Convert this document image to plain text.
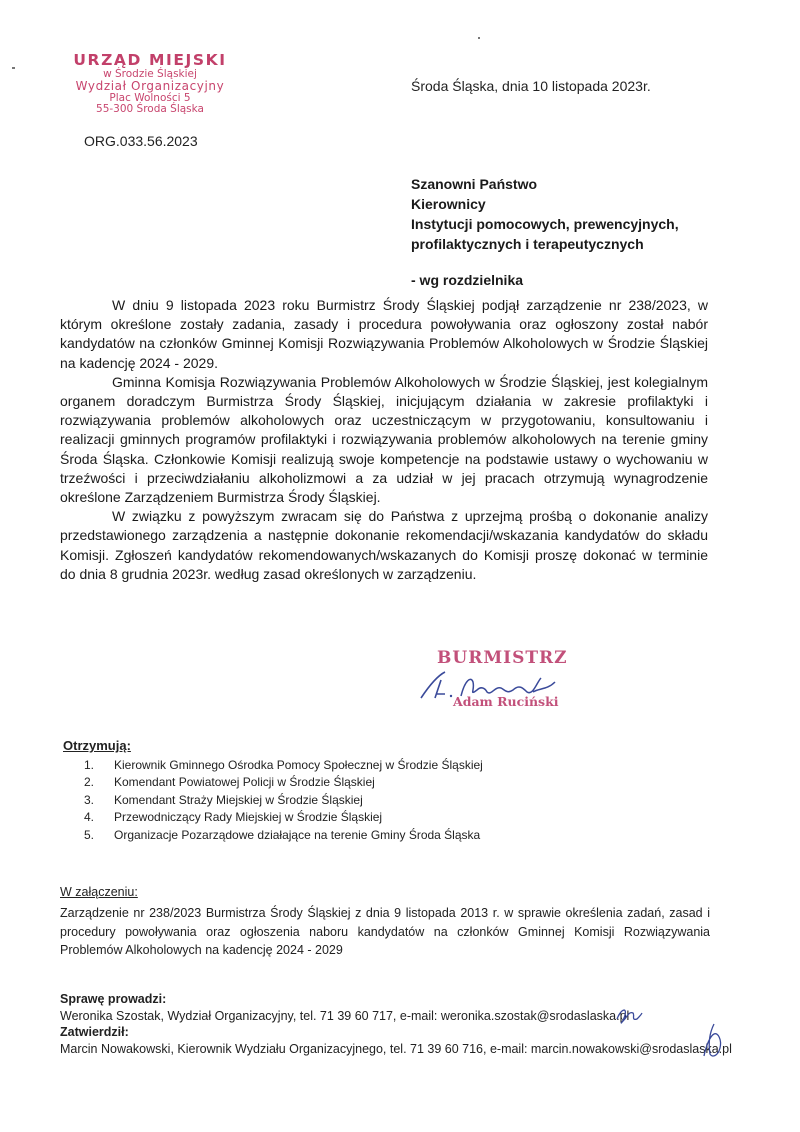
URZĄD MIEJSKI
w Środzie Śląskiej
Wydział Organizacyjny
Plac Wolności 5
55-300 Środa Śląska
ORG.033.56.2023
Środa Śląska, dnia 10 listopada 2023r.
Szanowni Państwo
Kierownicy
Instytucji pomocowych, prewencyjnych,
profilaktycznych i terapeutycznych
- wg rozdzielnika

W dniu 9 listopada 2023 roku Burmistrz Środy Śląskiej podjął zarządzenie nr 238/2023, w którym określone zostały zadania, zasady i procedura powoływania oraz ogłoszony został nabór kandydatów na członków Gminnej Komisji Rozwiązywania Problemów Alkoholowych w Środzie Śląskiej na kadencję 2024 - 2029.

Gminna Komisja Rozwiązywania Problemów Alkoholowych w Środzie Śląskiej, jest kolegialnym organem doradczym Burmistrza Środy Śląskiej, inicjującym działania w zakresie profilaktyki i rozwiązywania problemów alkoholowych oraz uczestniczącym w przygotowaniu, konsultowaniu i realizacji gminnych programów profilaktyki i rozwiązywania problemów alkoholowych na terenie gminy Środa Śląska. Członkowie Komisji realizują swoje kompetencje na podstawie ustawy o wychowaniu w trzeźwości i przeciwdziałaniu alkoholizmowi a za udział w jej pracach otrzymują wynagrodzenie określone Zarządzeniem Burmistrza Środy Śląskiej.

W związku z powyższym zwracam się do Państwa z uprzejmą prośbą o dokonanie analizy przedstawionego zarządzenia a następnie dokonanie rekomendacji/wskazania kandydatów do składu Komisji. Zgłoszeń kandydatów rekomendowanych/wskazanych do Komisji proszę dokonać w terminie do dnia 8 grudnia 2023r. według zasad określonych w zarządzeniu.

BURMISTRZ
Adam Ruciński
Otrzymują:
1.	Kierownik Gminnego Ośrodka Pomocy Społecznej w Środzie Śląskiej
2.	Komendant Powiatowej Policji w Środzie Śląskiej
3.	Komendant Straży Miejskiej w Środzie Śląskiej
4.	Przewodniczący Rady Miejskiej w Środzie Śląskiej
5.	Organizacje Pozarządowe działające na terenie Gminy Środa Śląska
W załączeniu:
Zarządzenie nr 238/2023 Burmistrza Środy Śląskiej z dnia 9 listopada 2013 r. w sprawie określenia zadań, zasad i procedury powoływania oraz ogłoszenia naboru kandydatów na członków Gminnej Komisji Rozwiązywania Problemów Alkoholowych na kadencję 2024 - 2029
Sprawę prowadzi:
Weronika Szostak, Wydział Organizacyjny, tel. 71 39 60 717, e-mail: weronika.szostak@srodaslaska.pl
Zatwierdził:
Marcin Nowakowski, Kierownik Wydziału Organizacyjnego, tel. 71 39 60 716, e-mail: marcin.nowakowski@srodaslaska.pl
